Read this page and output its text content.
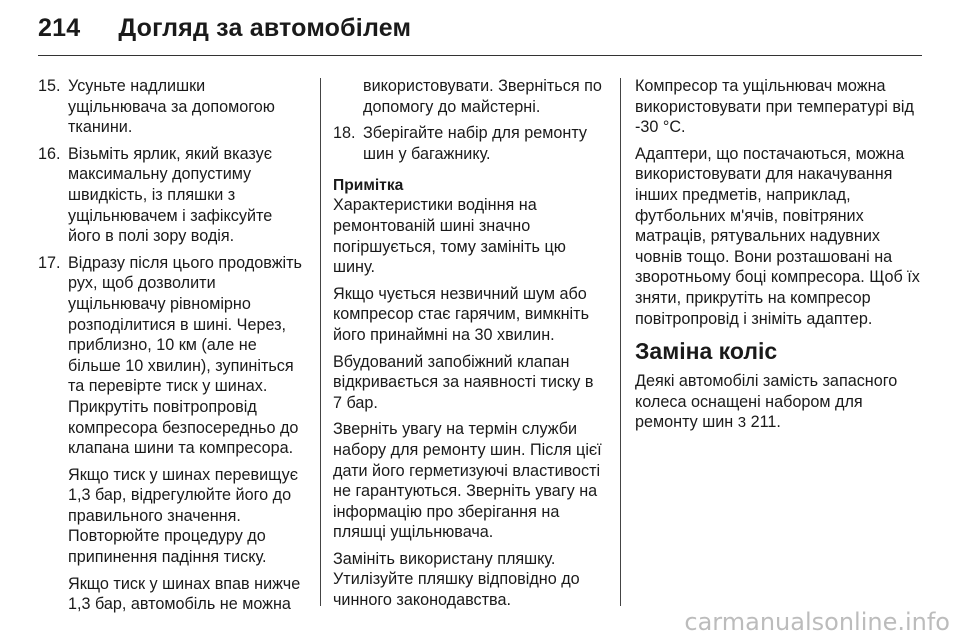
214 Догляд за автомобілем
15. Усуньте надлишки ущільнювача за допомогою тканини.
16. Візьміть ярлик, який вказує максимальну допустиму швидкість, із пляшки з ущільнювачем і зафіксуйте його в полі зору водія.
17. Відразу після цього продовжіть рух, щоб дозволити ущільнювачу рівномірно розподілитися в шині. Через, приблизно, 10 км (але не більше 10 хвилин), зупиніться та перевірте тиск у шинах. Прикрутіть повітропровід компресора безпосередньо до клапана шини та компресора.
Якщо тиск у шинах перевищує 1,3 бар, відрегулюйте його до правильного значення. Повторюйте процедуру до припинення падіння тиску.
Якщо тиск у шинах впав нижче 1,3 бар, автомобіль не можна
використовувати. Зверніться по допомогу до майстерні.
18. Зберігайте набір для ремонту шин у багажнику.
Примітка
Характеристики водіння на ремонтованій шині значно погіршується, тому замініть цю шину.
Якщо чується незвичний шум або компресор стає гарячим, вимкніть його принаймні на 30 хвилин.
Вбудований запобіжний клапан відкривається за наявності тиску в 7 бар.
Зверніть увагу на термін служби набору для ремонту шин. Після цієї дати його герметизуючі властивості не гарантуються. Зверніть увагу на інформацію про зберігання на пляшці ущільнювача.
Замініть використану пляшку. Утилізуйте пляшку відповідно до чинного законодавства.
Компресор та ущільнювач можна використовувати при температурі від -30 °C.
Адаптери, що постачаються, можна використовувати для накачування інших предметів, наприклад, футбольних м'ячів, повітряних матраців, рятувальних надувних човнів тощо. Вони розташовані на зворотньому боці компресора. Щоб їх зняти, прикрутіть на компресор повітропровід і зніміть адаптер.
Заміна коліс
Деякі автомобілі замість запасного колеса оснащені набором для ремонту шин 3 211.
carmanualsonline.info
